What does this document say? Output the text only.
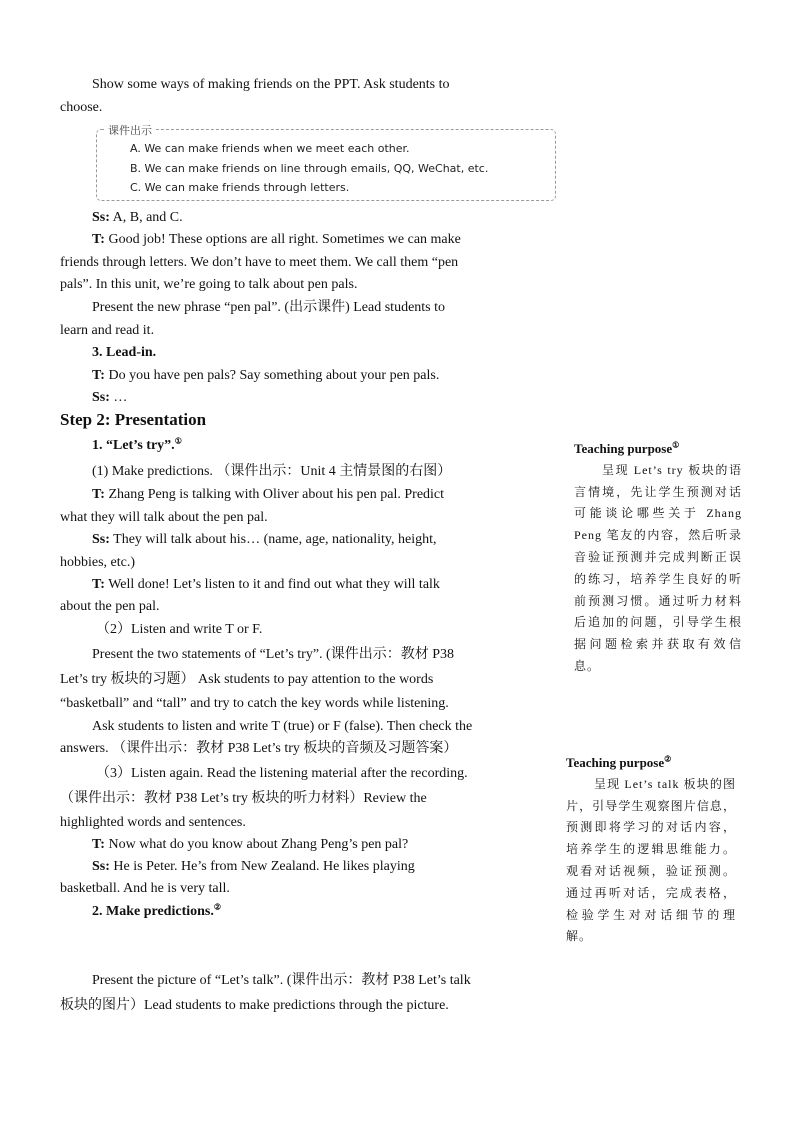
Show some ways of making friends on the PPT. Ask students to
choose.
Ss: A, B, and C.
T: Good job! These options are all right. Sometimes we can make
friends through letters. We don’t have to meet them. We call them “pen
pals”. In this unit, we’re going to talk about pen pals.
Present the new phrase “pen pal”. (出示课件) Lead students to
learn and read it.
3. Lead-in.
T: Do you have pen pals? Say something about your pen pals.
Ss: …
Step 2: Presentation
1. “Let’s try”.①
(1) Make predictions. （课件出示：Unit 4 主情景图的右图）
T: Zhang Peng is talking with Oliver about his pen pal. Predict
what they will talk about the pen pal.
Ss: They will talk about his… (name, age, nationality, height,
hobbies, etc.)
T: Well done! Let’s listen to it and find out what they will talk
about the pen pal.
（2）Listen and write T or F.
Present the two statements of “Let’s try”. (课件出示：教材 P38
Let’s try 板块的习题） Ask students to pay attention to the words
“basketball” and “tall” and try to catch the key words while listening.
Ask students to listen and write T (true) or F (false). Then check the
answers. （课件出示：教材 P38 Let’s try 板块的音频及习题答案）
（3）Listen again. Read the listening material after the recording.
（课件出示：教材 P38 Let’s try 板块的听力材料）Review the
highlighted words and sentences.
T: Now what do you know about Zhang Peng’s pen pal?
Ss: He is Peter. He’s from New Zealand. He likes playing
basketball. And he is very tall.
2. Make predictions.②
Present the picture of “Let’s talk”. (课件出示：教材 P38 Let’s talk
板块的图片）Lead students to make predictions through the picture.
课件出示
A. We can make friends when we meet each other.
B. We can make friends on line through emails, QQ, WeChat, etc.
C. We can make friends through letters.
Teaching purpose①
呈现 Let’s try 板块的语
言情境，先让学生预测对话
可能谈论哪些关于 Zhang
Peng 笔友的内容，然后听录
音验证预测并完成判断正误
的练习，培养学生良好的听
前预测习惯。通过听力材料
后追加的问题，引导学生根
据问题检索并获取有效信
息。
Teaching purpose②
呈现 Let’s talk 板块的图
片，引导学生观察图片信息，
预测即将学习的对话内容，
培养学生的逻辑思维能力。
观看对话视频，验证预测。
通过再听对话，完成表格，
检验学生对对话细节的理
解。
